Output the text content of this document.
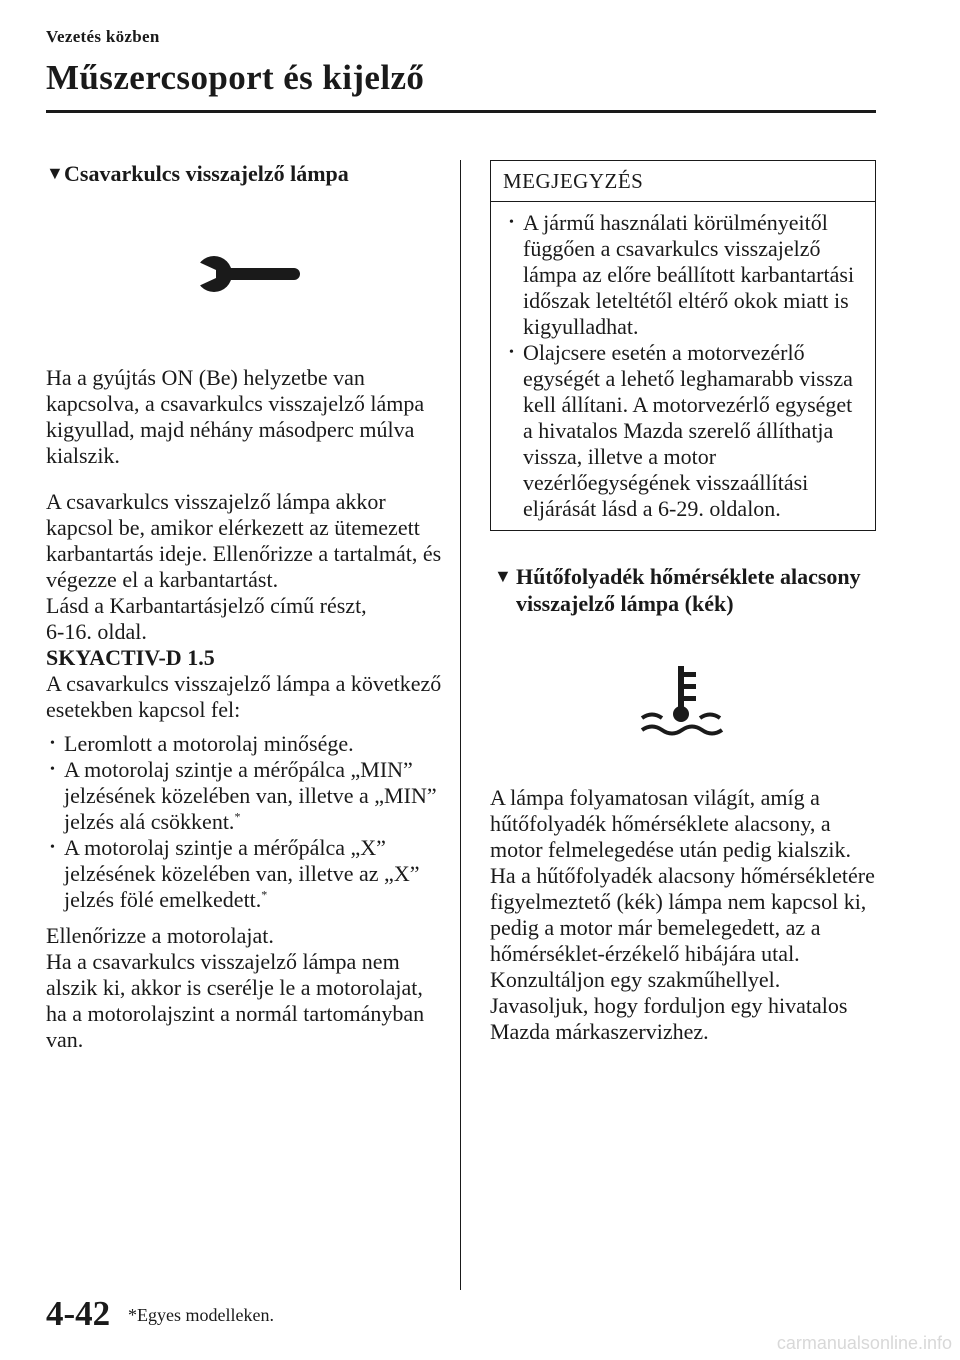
Vezetés közben
Műszercsoport és kijelző
▼ Csavarkulcs visszajelző lámpa

Ha a gyújtás ON (Be) helyzetbe van kapcsolva, a csavarkulcs visszajelző lámpa kigyullad, majd néhány másodperc múlva kialszik.

A csavarkulcs visszajelző lámpa akkor kapcsol be, amikor elérkezett az ütemezett karbantartás ideje. Ellenőrizze a tartalmát, és végezze el a karbantartást.

Lásd a Karbantartásjelző című részt,

6-16. oldal.

SKYACTIV-D 1.5

A csavarkulcs visszajelző lámpa a következő esetekben kapcsol fel:

• Leromlott a motorolaj minősége.
• A motorolaj szintje a mérőpálca „MIN” jelzésének közelében van, illetve a „MIN” jelzés alá csökkent.*
• A motorolaj szintje a mérőpálca „X” jelzésének közelében van, illetve az „X” jelzés fölé emelkedett.*

Ellenőrizze a motorolajat.

Ha a csavarkulcs visszajelző lámpa nem alszik ki, akkor is cserélje le a motorolajat, ha a motorolajszint a normál tartományban van.

MEGJEGYZÉS
• A jármű használati körülményeitől függően a csavarkulcs visszajelző lámpa az előre beállított karbantartási időszak leteltétől eltérő okok miatt is kigyulladhat.
• Olajcsere esetén a motorvezérlő egységét a lehető leghamarabb vissza kell állítani. A motorvezérlő egységet a hivatalos Mazda szerelő állíthatja vissza, illetve a motor vezérlőegységének visszaállítási eljárását lásd a 6-29. oldalon.
▼ Hűtőfolyadék hőmérséklete alacsony visszajelző lámpa (kék)

A lámpa folyamatosan világít, amíg a hűtőfolyadék hőmérséklete alacsony, a motor felmelegedése után pedig kialszik.

Ha a hűtőfolyadék alacsony hőmérsékletére figyelmeztető (kék) lámpa nem kapcsol ki, pedig a motor már bemelegedett, az a hőmérséklet-érzékelő hibájára utal. Konzultáljon egy szakműhellyel. Javasoljuk, hogy forduljon egy hivatalos Mazda márkaszervizhez.

4-42 *Egyes modelleken.
carmanualsonline.info
